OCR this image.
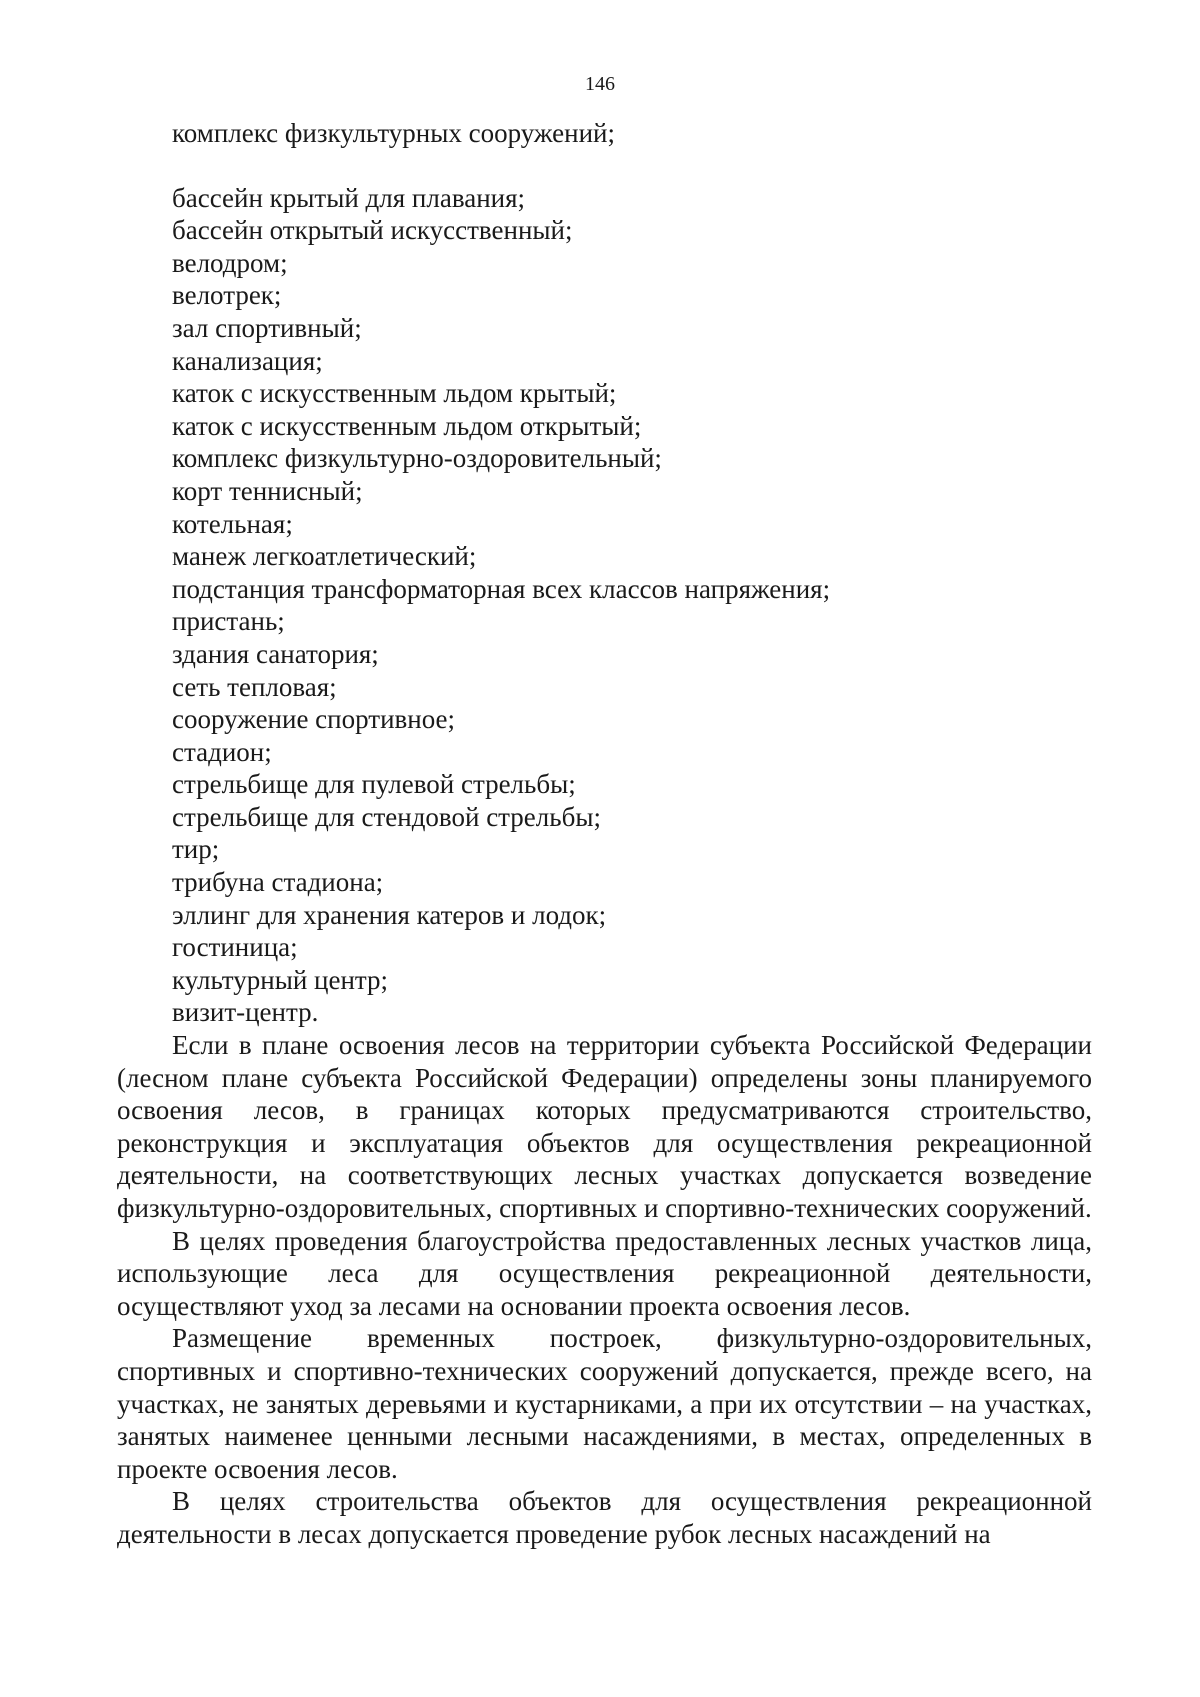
146
комплекс физкультурных сооружений;
бассейн крытый для плавания;
бассейн открытый искусственный;
велодром;
велотрек;
зал спортивный;
канализация;
каток с искусственным льдом крытый;
каток с искусственным льдом открытый;
комплекс физкультурно-оздоровительный;
корт теннисный;
котельная;
манеж легкоатлетический;
подстанция трансформаторная всех классов напряжения;
пристань;
здания санатория;
сеть тепловая;
сооружение спортивное;
стадион;
стрельбище для пулевой стрельбы;
стрельбище для стендовой стрельбы;
тир;
трибуна стадиона;
эллинг для хранения катеров и лодок;
гостиница;
культурный центр;
визит-центр.

Если в плане освоения лесов на территории субъекта Российской Федерации (лесном плане субъекта Российской Федерации) определены зоны планируемого освоения лесов, в границах которых предусматриваются строительство, реконструкция и эксплуатация объектов для осуществления рекреационной деятельности, на соответствующих лесных участках допускается возведение физкультурно-оздоровительных, спортивных и спортивно-технических сооружений.

В целях проведения благоустройства предоставленных лесных участков лица, использующие леса для осуществления рекреационной деятельности, осуществляют уход за лесами на основании проекта освоения лесов.

Размещение временных построек, физкультурно-оздоровительных, спортивных и спортивно-технических сооружений допускается, прежде всего, на участках, не занятых деревьями и кустарниками, а при их отсутствии – на участках, занятых наименее ценными лесными насаждениями, в местах, определенных в проекте освоения лесов.

В целях строительства объектов для осуществления рекреационной деятельности в лесах допускается проведение рубок лесных насаждений на
